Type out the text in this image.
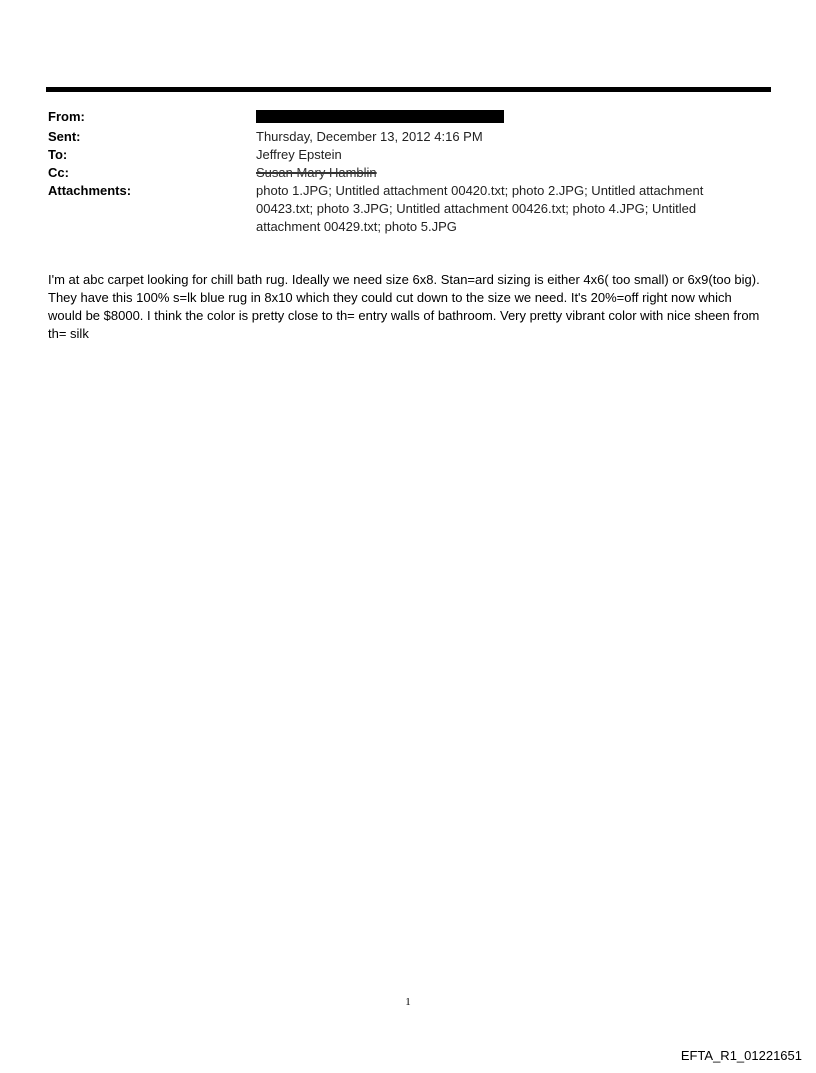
From:
Sent:	Thursday, December 13, 2012 4:16 PM
To:	Jeffrey Epstein
Cc:	Susan Mary Hamblin
Attachments:	photo 1.JPG; Untitled attachment 00420.txt; photo 2.JPG; Untitled attachment 00423.txt; photo 3.JPG; Untitled attachment 00426.txt; photo 4.JPG; Untitled attachment 00429.txt; photo 5.JPG

I'm at abc carpet looking for chill bath rug. Ideally we need size 6x8. Stan=ard sizing is either 4x6( too small) or 6x9(too big). They have this 100% s=lk blue rug in 8x10 which they could cut down to the size we need. It's 20%=off right now which would be $8000. I think the color is pretty close to th= entry walls of bathroom. Very pretty vibrant color with nice sheen from th= silk

1
EFTA_R1_01221651
